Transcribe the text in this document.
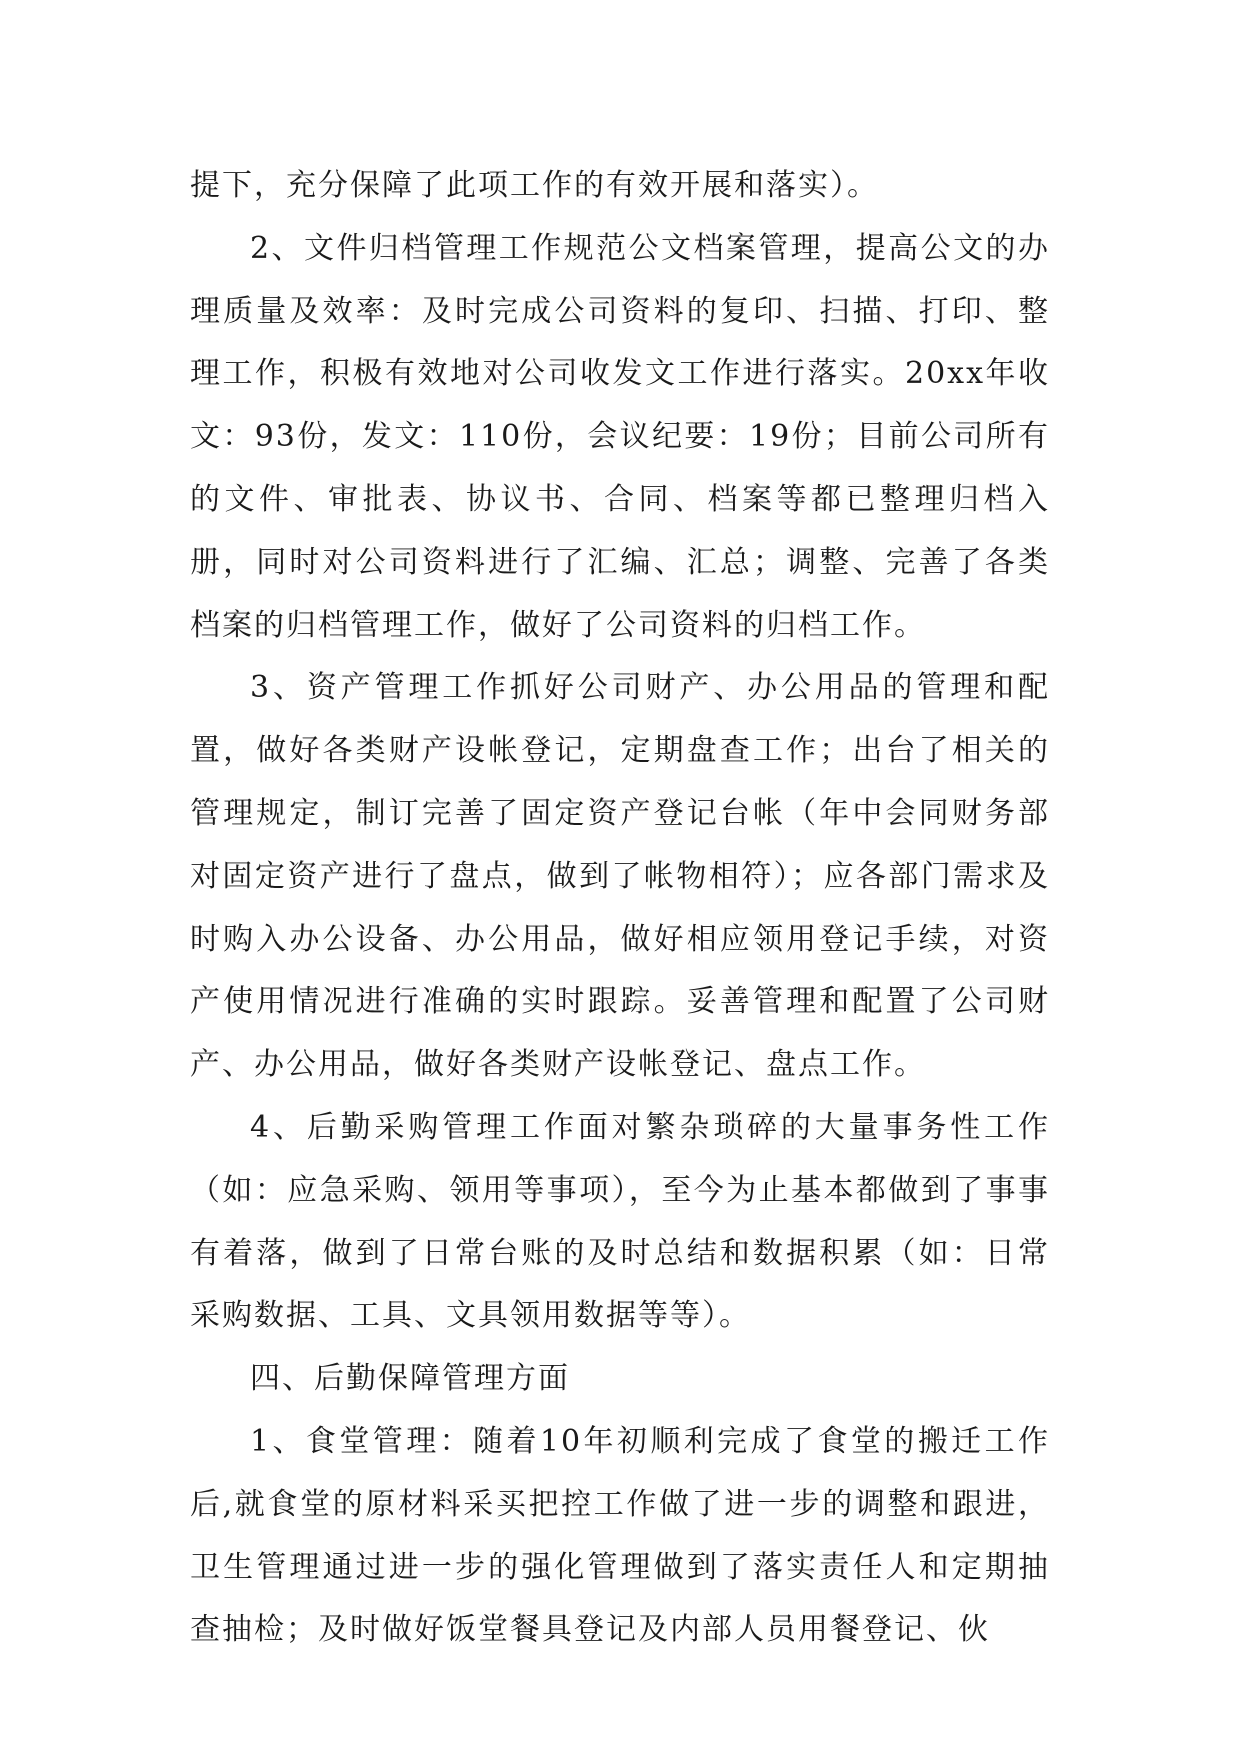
提下，充分保障了此项工作的有效开展和落实）。

2、文件归档管理工作规范公文档案管理，提高公文的办理质量及效率：及时完成公司资料的复印、扫描、打印、整理工作，积极有效地对公司收发文工作进行落实。20xx年收文：93份，发文：110份，会议纪要：19份；目前公司所有的文件、审批表、协议书、合同、档案等都已整理归档入册，同时对公司资料进行了汇编、汇总；调整、完善了各类档案的归档管理工作，做好了公司资料的归档工作。

3、资产管理工作抓好公司财产、办公用品的管理和配置，做好各类财产设帐登记，定期盘查工作；出台了相关的管理规定，制订完善了固定资产登记台帐（年中会同财务部对固定资产进行了盘点，做到了帐物相符）；应各部门需求及时购入办公设备、办公用品，做好相应领用登记手续，对资产使用情况进行准确的实时跟踪。妥善管理和配置了公司财产、办公用品，做好各类财产设帐登记、盘点工作。

4、后勤采购管理工作面对繁杂琐碎的大量事务性工作（如：应急采购、领用等事项），至今为止基本都做到了事事有着落，做到了日常台账的及时总结和数据积累（如：日常采购数据、工具、文具领用数据等等）。

四、后勤保障管理方面

1、食堂管理：随着10年初顺利完成了食堂的搬迁工作后,就食堂的原材料采买把控工作做了进一步的调整和跟进，卫生管理通过进一步的强化管理做到了落实责任人和定期抽查抽检；及时做好饭堂餐具登记及内部人员用餐登记、伙
